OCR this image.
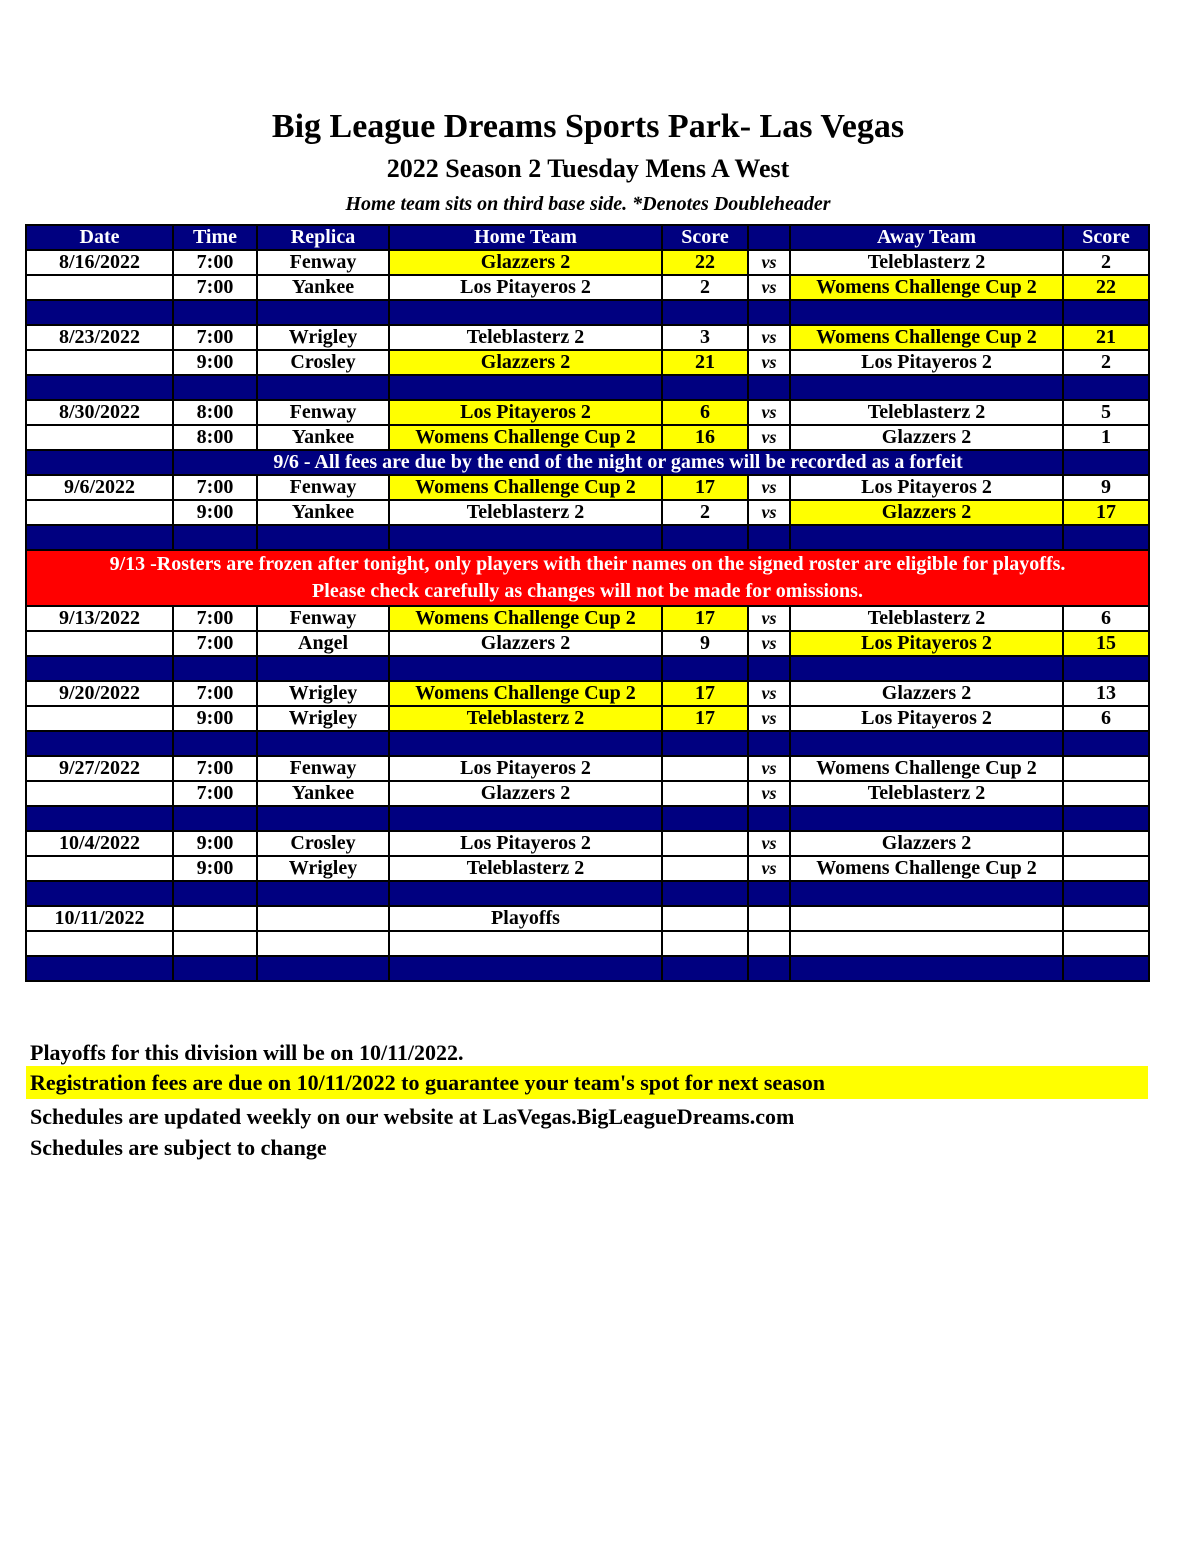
Big League Dreams Sports Park- Las Vegas
2022 Season 2 Tuesday Mens A West
Home team sits on third base side. *Denotes Doubleheader
Date	Time	Replica	Home Team	Score		Away Team	Score
8/16/2022	7:00	Fenway	Glazzers 2	22	vs	Teleblasterz 2	2
	7:00	Yankee	Los Pitayeros 2	2	vs	Womens Challenge Cup 2	22

8/23/2022	7:00	Wrigley	Teleblasterz 2	3	vs	Womens Challenge Cup 2	21
	9:00	Crosley	Glazzers 2	21	vs	Los Pitayeros 2	2

8/30/2022	8:00	Fenway	Los Pitayeros 2	6	vs	Teleblasterz 2	5
	8:00	Yankee	Womens Challenge Cup 2	16	vs	Glazzers 2	1
	9/6 - All fees are due by the end of the night or games will be recorded as a forfeit						
9/6/2022	7:00	Fenway	Womens Challenge Cup 2	17	vs	Los Pitayeros 2	9
	9:00	Yankee	Teleblasterz 2	2	vs	Glazzers 2	17

9/13 -Rosters are frozen after tonight, only players with their names on the signed roster are eligible for playoffs.
Please check carefully as changes will not be made for omissions.							

9/13/2022	7:00	Fenway	Womens Challenge Cup 2	17	vs	Teleblasterz 2	6
	7:00	Angel	Glazzers 2	9	vs	Los Pitayeros 2	15

9/20/2022	7:00	Wrigley	Womens Challenge Cup 2	17	vs	Glazzers 2	13
	9:00	Wrigley	Teleblasterz 2	17	vs	Los Pitayeros 2	6

9/27/2022	7:00	Fenway	Los Pitayeros 2		vs	Womens Challenge Cup 2	
	7:00	Yankee	Glazzers 2		vs	Teleblasterz 2	

10/4/2022	9:00	Crosley	Los Pitayeros 2		vs	Glazzers 2	
	9:00	Wrigley	Teleblasterz 2		vs	Womens Challenge Cup 2	

10/11/2022			Playoffs				

Playoffs for this division will be on 10/11/2022.
Registration fees are due on 10/11/2022 to guarantee your team's spot for next season
Schedules are updated weekly on our website at LasVegas.BigLeagueDreams.com
Schedules are subject to change
